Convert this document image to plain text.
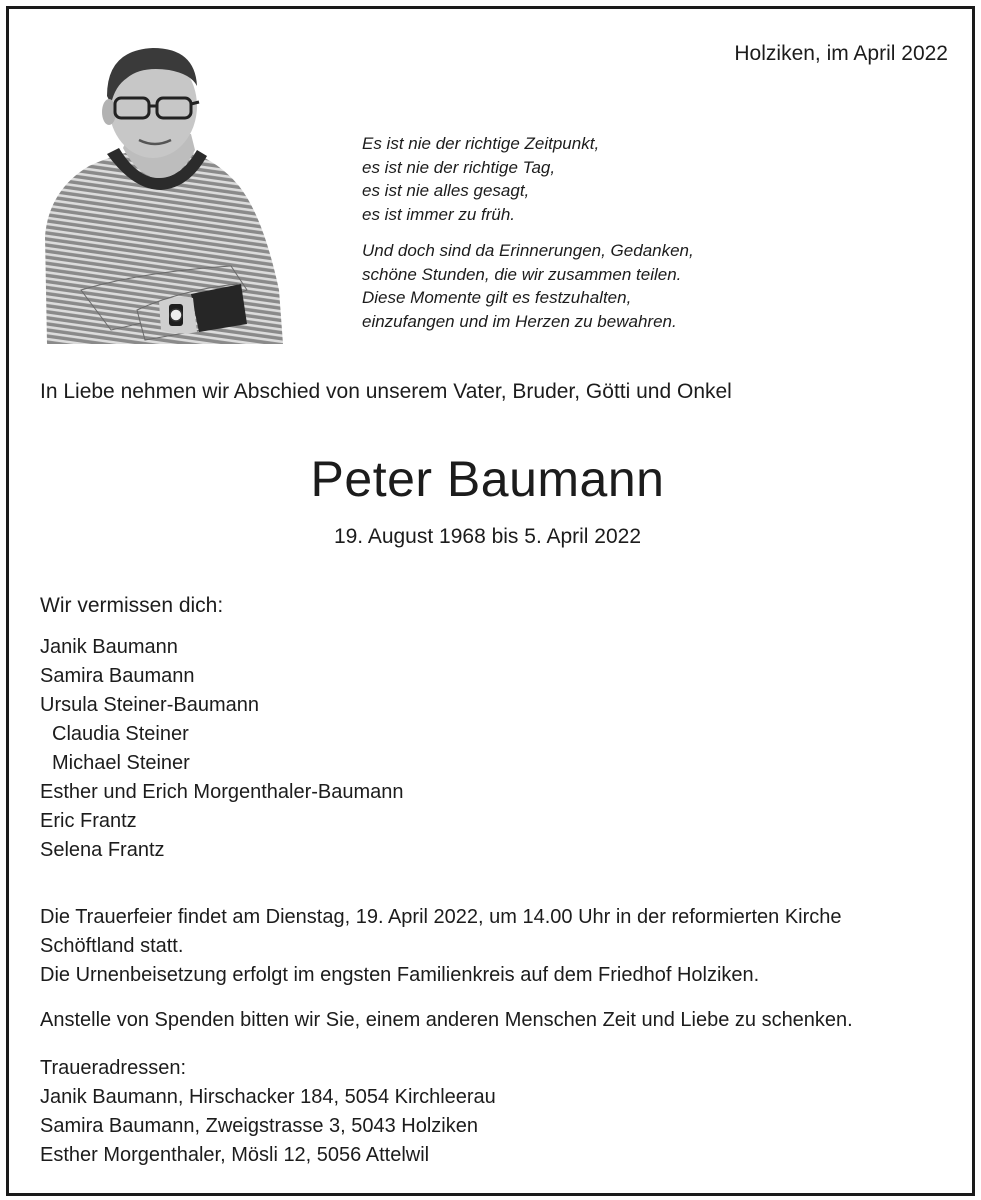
Holziken, im April 2022
Es ist nie der richtige Zeitpunkt,
es ist nie der richtige Tag,
es ist nie alles gesagt,
es ist immer zu früh.
Und doch sind da Erinnerungen, Gedanken,
schöne Stunden, die wir zusammen teilen.
Diese Momente gilt es festzuhalten,
einzufangen und im Herzen zu bewahren.
In Liebe nehmen wir Abschied von unserem Vater, Bruder, Götti und Onkel
Peter Baumann
19. August 1968 bis 5. April 2022
Wir vermissen dich:
Janik Baumann
Samira Baumann
Ursula Steiner-Baumann
Claudia Steiner
Michael Steiner
Esther und Erich Morgenthaler-Baumann
Eric Frantz
Selena Frantz
Die Trauerfeier findet am Dienstag, 19. April 2022, um 14.00 Uhr in der reformierten Kirche
Schöftland statt.
Die Urnenbeisetzung erfolgt im engsten Familienkreis auf dem Friedhof Holziken.
Anstelle von Spenden bitten wir Sie, einem anderen Menschen Zeit und Liebe zu schenken.
Traueradressen:
Janik Baumann, Hirschacker 184, 5054 Kirchleerau
Samira Baumann, Zweigstrasse 3, 5043 Holziken
Esther Morgenthaler, Mösli 12, 5056 Attelwil
